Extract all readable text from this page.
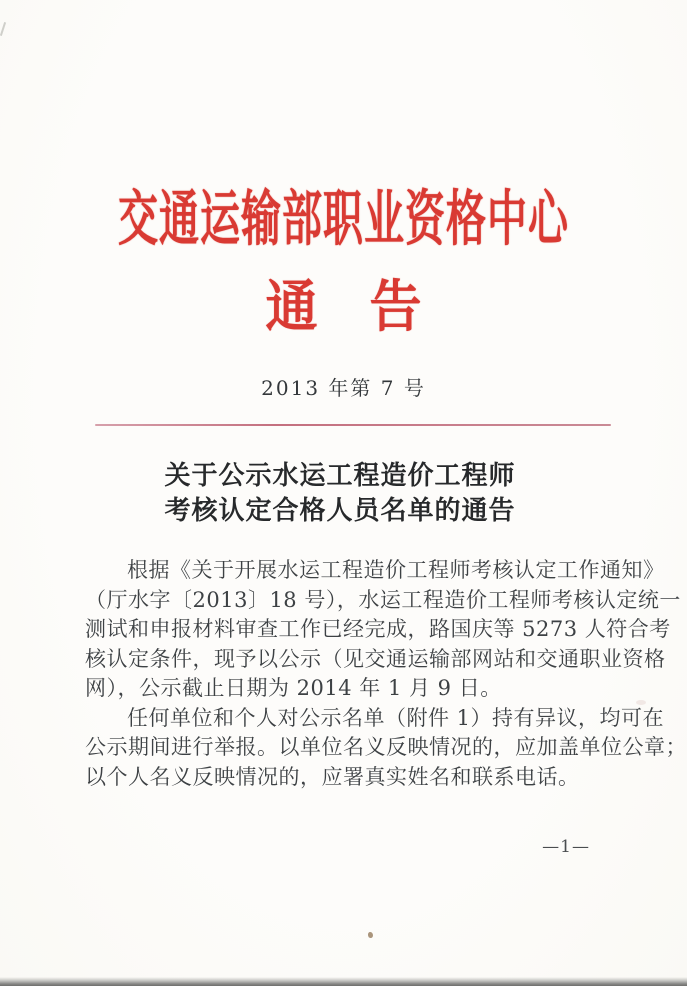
交通运输部职业资格中心
通　告
2013 年第 7 号
关于公示水运工程造价工程师
考核认定合格人员名单的通告
根据《关于开展水运工程造价工程师考核认定工作通知》
（厅水字〔2013〕18 号），水运工程造价工程师考核认定统一
测试和申报材料审查工作已经完成，路国庆等 5273 人符合考
核认定条件，现予以公示（见交通运输部网站和交通职业资格
网），公示截止日期为 2014 年 1 月 9 日。
任何单位和个人对公示名单（附件 1）持有异议，均可在
公示期间进行举报。以单位名义反映情况的，应加盖单位公章；
以个人名义反映情况的，应署真实姓名和联系电话。
—1—
